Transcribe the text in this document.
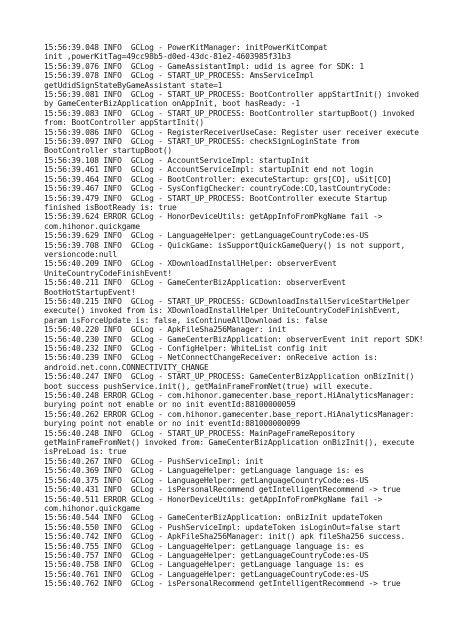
15:56:39.048 INFO  GCLog - PowerKitManager: initPowerKitCompat
init ,powerKitTag=49cc98b5-d0ed-43dc-81e2-4603985f31b3
15:56:39.076 INFO  GCLog - GameAssistantImpl: udid is agree for SDK: 1
15:56:39.078 INFO  GCLog - START_UP_PROCESS: AmsServiceImpl
getUdidSignStateByGameAssistant state=1
15:56:39.081 INFO  GCLog - START_UP_PROCESS: BootController appStartInit() invoked
by GameCenterBizApplication onAppInit, boot hasReady: -1
15:56:39.083 INFO  GCLog - START_UP_PROCESS: BootController startupBoot() invoked
from: BootController appStartInit()
15:56:39.086 INFO  GCLog - RegisterReceiverUseCase: Register user receiver execute
15:56:39.097 INFO  GCLog - START_UP_PROCESS: checkSignLoginState from
BootController startupBoot()
15:56:39.108 INFO  GCLog - AccountServiceImpl: startupInit
15:56:39.461 INFO  GCLog - AccountServiceImpl: startupInit end not login
15:56:39.464 INFO  GCLog - BootController: executeStartup: grs[CO], uSit[CO]
15:56:39.467 INFO  GCLog - SysConfigChecker: countryCode:CO,lastCountryCode:
15:56:39.479 INFO  GCLog - START_UP_PROCESS: BootController execute Startup
finished isBootReady is: true
15:56:39.624 ERROR GCLog - HonorDeviceUtils: getAppInfoFromPkgName fail ->
com.hihonor.quickgame
15:56:39.629 INFO  GCLog - LanguageHelper: getLanguageCountryCode:es-US
15:56:39.708 INFO  GCLog - QuickGame: isSupportQuickGameQuery() is not support,
versioncode:null
15:56:40.209 INFO  GCLog - XDownloadInstallHelper: observerEvent
UniteCountryCodeFinishEvent!
15:56:40.211 INFO  GCLog - GameCenterBizApplication: observerEvent
BootHotStartupEvent!
15:56:40.215 INFO  GCLog - START_UP_PROCESS: GCDownloadInstallServiceStartHelper
execute() invoked from is: XDownloadInstallHelper UniteCountryCodeFinishEvent,
param isForceUpdate is: false, isContinueAllDownload is: false
15:56:40.220 INFO  GCLog - ApkFileSha256Manager: init
15:56:40.230 INFO  GCLog - GameCenterBizApplication: observerEvent init report SDK!
15:56:40.232 INFO  GCLog - ConfigHelper: WhiteList config init
15:56:40.239 INFO  GCLog - NetConnectChangeReceiver: onReceive action is:
android.net.conn.CONNECTIVITY_CHANGE
15:56:40.247 INFO  GCLog - START_UP_PROCESS: GameCenterBizApplication onBizInit()
boot success pushService.init(), getMainFrameFromNet(true) will execute.
15:56:40.248 ERROR GCLog - com.hihonor.gamecenter.base_report.HiAnalyticsManager:
burying point not enable or no init eventId:88100000059
15:56:40.262 ERROR GCLog - com.hihonor.gamecenter.base_report.HiAnalyticsManager:
burying point not enable or no init eventId:881000000099
15:56:40.248 INFO  GCLog - START_UP_PROCESS: MainPageFrameRepository
getMainFrameFromNet() invoked from: GameCenterBizApplication onBizInit(), execute
isPreLoad is: true
15:56:40.267 INFO  GCLog - PushServiceImpl: init
15:56:40.369 INFO  GCLog - LanguageHelper: getLanguage language is: es
15:56:40.375 INFO  GCLog - LanguageHelper: getLanguageCountryCode:es-US
15:56:40.431 INFO  GCLog - isPersonalRecommend getIntelligentRecommend -> true
15:56:40.511 ERROR GCLog - HonorDeviceUtils: getAppInfoFromPkgName fail ->
com.hihonor.quickgame
15:56:40.544 INFO  GCLog - GameCenterBizApplication: onBizInit updateToken
15:56:40.550 INFO  GCLog - PushServiceImpl: updateToken isLoginOut=false start
15:56:40.742 INFO  GCLog - ApkFileSha256Manager: init() apk fileSha256 success.
15:56:40.755 INFO  GCLog - LanguageHelper: getLanguage language is: es
15:56:40.757 INFO  GCLog - LanguageHelper: getLanguageCountryCode:es-US
15:56:40.758 INFO  GCLog - LanguageHelper: getLanguage language is: es
15:56:40.761 INFO  GCLog - LanguageHelper: getLanguageCountryCode:es-US
15:56:40.762 INFO  GCLog - isPersonalRecommend getIntelligentRecommend -> true
